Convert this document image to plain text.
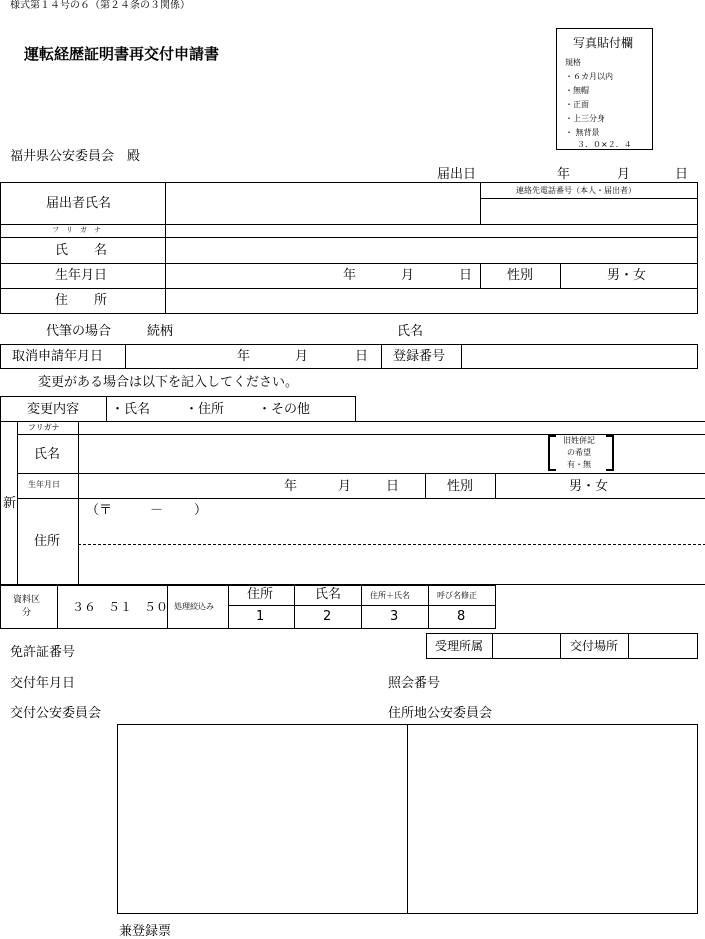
様式第１４号の６（第２４条の３関係）
運転経歴証明書再交付申請書
写真貼付欄
規格
・６カ月以内
・無帽
・正面
・上三分身
・ 無背景
３．０×２．４
福井県公安委員会　殿
届出日	年	月	日
届出者氏名
連絡先電話番号（本人・届出者）
フ　リ　ガ　ナ
氏　　名
生年月日	年	月	日	性別	男・女
住　　所
代筆の場合	続柄	氏名
取消申請年月日	年	月	日 登録番号
変更がある場合は以下を記入してください。
変更内容 ・氏名	・住所	・その他
新
フリガナ
氏名
旧姓併記
の希望
有・無
生年月日	年	月	日	性別	男・女
（〒	－ ）
住所
資料区
分	３６　５１　５０ 処理絞込み
住所	氏名	住所＋氏名	呼び名修正
1	2	3	8
受理所属	交付場所
免許証番号
交付年月日	照会番号
交付公安委員会	住所地公安委員会
兼登録票
